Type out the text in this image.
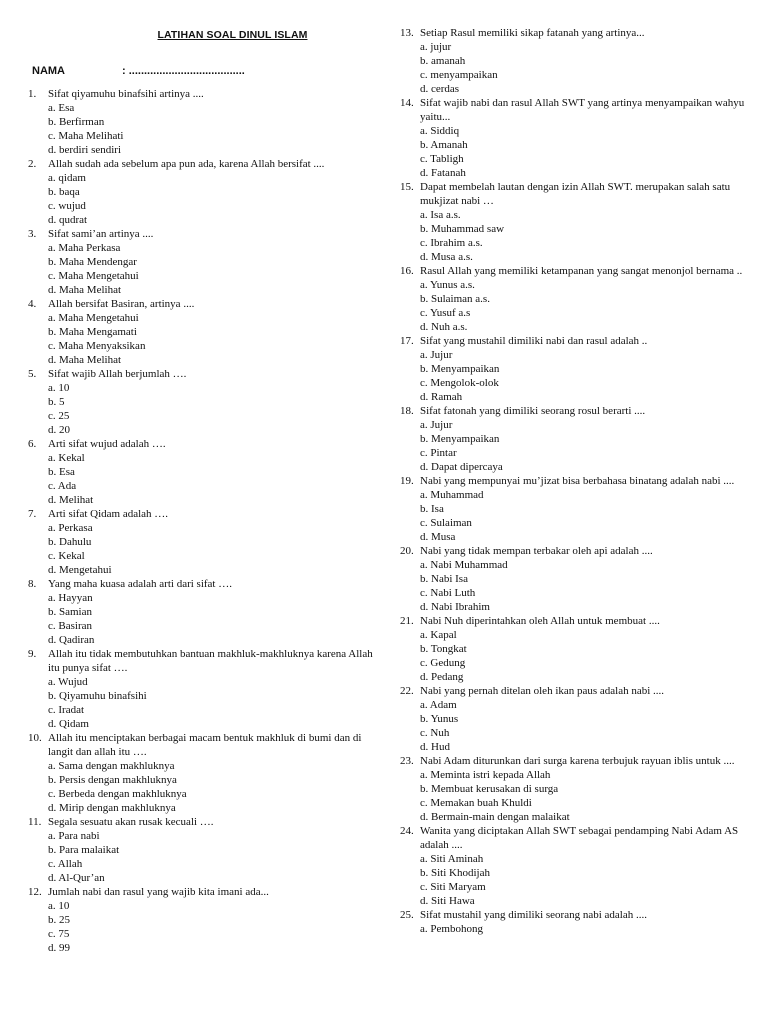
LATIHAN SOAL DINUL ISLAM
NAMA	: ......................................
1.	Sifat qiyamuhu binafsihi artinya ....
a. Esa
b. Berfirman
c. Maha Melihati
d. berdiri sendiri
2.	Allah sudah ada sebelum apa pun ada, karena Allah bersifat ....
a. qidam
b. baqa
c. wujud
d. qudrat
3.	Sifat sami’an artinya ....
a. Maha Perkasa
b. Maha Mendengar
c. Maha Mengetahui
d. Maha Melihat
4.	Allah bersifat Basiran, artinya ....
a. Maha Mengetahui
b. Maha Mengamati
c. Maha Menyaksikan
d. Maha Melihat
5.	Sifat wajib Allah berjumlah ….
a. 10
b. 5
c. 25
d. 20
6.	Arti sifat wujud adalah ….
a. Kekal
b. Esa
c. Ada
d. Melihat
7.	Arti sifat Qidam adalah ….
a. Perkasa
b. Dahulu
c. Kekal
d. Mengetahui
8.	Yang maha kuasa adalah arti dari sifat ….
a. Hayyan
b. Samian
c. Basiran
d. Qadiran
9.	Allah itu tidak membutuhkan bantuan makhluk-makhluknya karena Allah itu punya sifat ….
a. Wujud
b. Qiyamuhu binafsihi
c. Iradat
d. Qidam
10. Allah itu menciptakan berbagai macam bentuk makhluk di bumi dan di langit dan allah itu ….
a. Sama dengan makhluknya
b. Persis dengan makhluknya
c. Berbeda dengan makhluknya
d. Mirip dengan makhluknya
11. Segala sesuatu akan rusak kecuali ….
a. Para nabi
b. Para malaikat
c. Allah
d. Al-Qur’an
12. Jumlah nabi dan rasul yang wajib kita imani ada...
a. 10
b. 25
c. 75
d. 99
13. Setiap Rasul memiliki sikap fatanah yang artinya...
a. jujur
b. amanah
c. menyampaikan
d. cerdas
14. Sifat wajib nabi dan rasul Allah SWT yang artinya menyampaikan wahyu yaitu...
a. Siddiq
b. Amanah
c. Tabligh
d. Fatanah
15. Dapat membelah lautan dengan izin Allah SWT. merupakan salah satu mukjizat nabi …
a. Isa a.s.
b. Muhammad saw
c. Ibrahim a.s.
d. Musa a.s.
16. Rasul Allah yang memiliki ketampanan yang sangat menonjol bernama ..
a. Yunus a.s.
b. Sulaiman a.s.
c. Yusuf a.s
d. Nuh a.s.
17. Sifat yang mustahil dimiliki nabi dan rasul adalah ..
a. Jujur
b. Menyampaikan
c. Mengolok-olok
d. Ramah
18. Sifat fatonah yang dimiliki seorang rosul berarti ....
a. Jujur
b. Menyampaikan
c. Pintar
d. Dapat dipercaya
19. Nabi yang mempunyai mu’jizat bisa berbahasa binatang adalah nabi ....
a. Muhammad
b. Isa
c. Sulaiman
d. Musa
20. Nabi yang tidak mempan terbakar oleh api adalah ....
a. Nabi Muhammad
b. Nabi Isa
c. Nabi Luth
d. Nabi Ibrahim
21. Nabi Nuh diperintahkan oleh Allah untuk membuat ....
a. Kapal
b. Tongkat
c. Gedung
d. Pedang
22. Nabi yang pernah ditelan oleh ikan paus adalah nabi ....
a. Adam
b. Yunus
c. Nuh
d. Hud
23. Nabi Adam diturunkan dari surga karena terbujuk rayuan iblis untuk ....
a. Meminta istri kepada Allah
b. Membuat kerusakan di surga
c. Memakan buah Khuldi
d. Bermain-main dengan malaikat
24. Wanita yang diciptakan Allah SWT sebagai pendamping Nabi Adam AS adalah ....
a. Siti Aminah
b. Siti Khodijah
c. Siti Maryam
d. Siti Hawa
25. Sifat mustahil yang dimiliki seorang nabi adalah ....
a. Pembohong
